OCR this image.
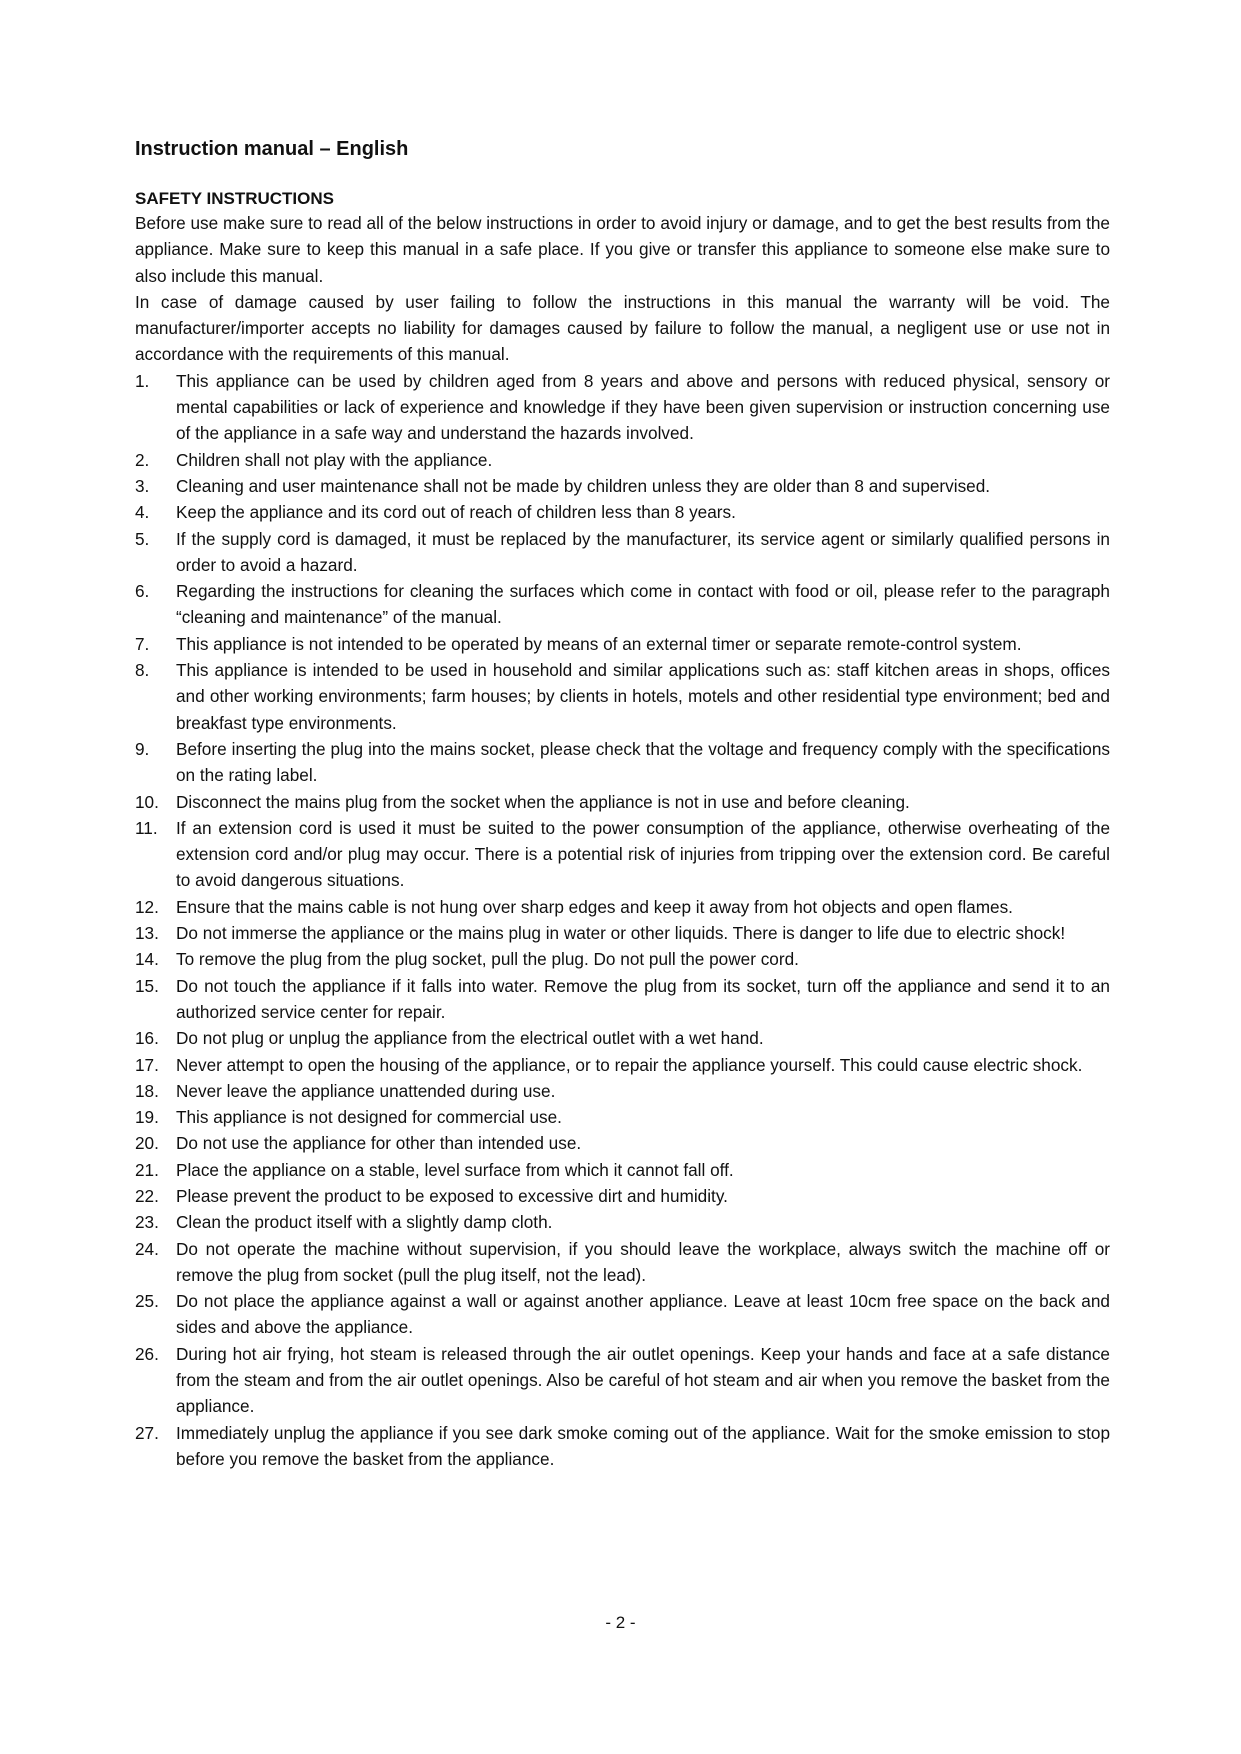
Instruction manual – English
SAFETY INSTRUCTIONS

Before use make sure to read all of the below instructions in order to avoid injury or damage, and to get the best results from the appliance. Make sure to keep this manual in a safe place. If you give or transfer this appliance to someone else make sure to also include this manual.

In case of damage caused by user failing to follow the instructions in this manual the warranty will be void. The manufacturer/importer accepts no liability for damages caused by failure to follow the manual, a negligent use or use not in accordance with the requirements of this manual.

1. This appliance can be used by children aged from 8 years and above and persons with reduced physical, sensory or mental capabilities or lack of experience and knowledge if they have been given supervision or instruction concerning use of the appliance in a safe way and understand the hazards involved.
2. Children shall not play with the appliance.
3. Cleaning and user maintenance shall not be made by children unless they are older than 8 and supervised.
4. Keep the appliance and its cord out of reach of children less than 8 years.
5. If the supply cord is damaged, it must be replaced by the manufacturer, its service agent or similarly qualified persons in order to avoid a hazard.
6. Regarding the instructions for cleaning the surfaces which come in contact with food or oil, please refer to the paragraph “cleaning and maintenance” of the manual.
7. This appliance is not intended to be operated by means of an external timer or separate remote-control system.
8. This appliance is intended to be used in household and similar applications such as: staff kitchen areas in shops, offices and other working environments; farm houses; by clients in hotels, motels and other residential type environment; bed and breakfast type environments.
9. Before inserting the plug into the mains socket, please check that the voltage and frequency comply with the specifications on the rating label.
10. Disconnect the mains plug from the socket when the appliance is not in use and before cleaning.
11. If an extension cord is used it must be suited to the power consumption of the appliance, otherwise overheating of the extension cord and/or plug may occur. There is a potential risk of injuries from tripping over the extension cord. Be careful to avoid dangerous situations.
12. Ensure that the mains cable is not hung over sharp edges and keep it away from hot objects and open flames.
13. Do not immerse the appliance or the mains plug in water or other liquids. There is danger to life due to electric shock!
14. To remove the plug from the plug socket, pull the plug. Do not pull the power cord.
15. Do not touch the appliance if it falls into water. Remove the plug from its socket, turn off the appliance and send it to an authorized service center for repair.
16. Do not plug or unplug the appliance from the electrical outlet with a wet hand.
17. Never attempt to open the housing of the appliance, or to repair the appliance yourself. This could cause electric shock.
18. Never leave the appliance unattended during use.
19. This appliance is not designed for commercial use.
20. Do not use the appliance for other than intended use.
21. Place the appliance on a stable, level surface from which it cannot fall off.
22. Please prevent the product to be exposed to excessive dirt and humidity.
23. Clean the product itself with a slightly damp cloth.
24. Do not operate the machine without supervision, if you should leave the workplace, always switch the machine off or remove the plug from socket (pull the plug itself, not the lead).
25. Do not place the appliance against a wall or against another appliance. Leave at least 10cm free space on the back and sides and above the appliance.
26. During hot air frying, hot steam is released through the air outlet openings. Keep your hands and face at a safe distance from the steam and from the air outlet openings. Also be careful of hot steam and air when you remove the basket from the appliance.
27. Immediately unplug the appliance if you see dark smoke coming out of the appliance. Wait for the smoke emission to stop before you remove the basket from the appliance.
- 2 -
